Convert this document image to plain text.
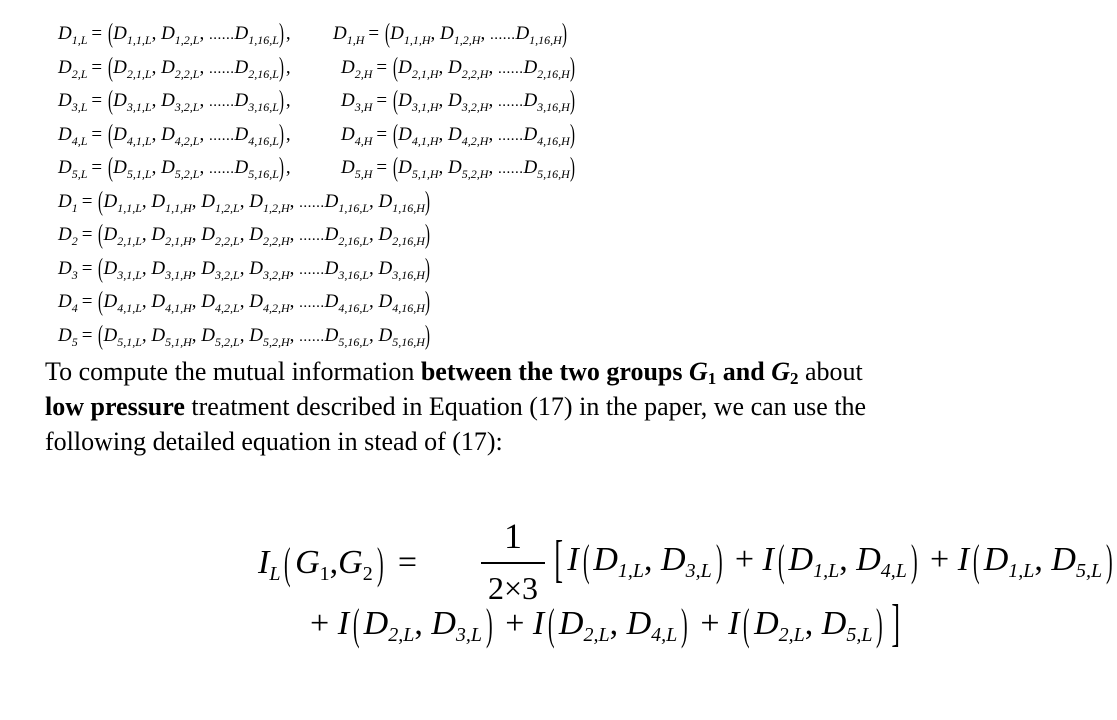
$D_{1,L} = (D_{1,1,L}$, $D_{1,2,L}$, $......D_{1,16,L}$) , $D_{1,H} = (D_{1,1,H}$, $D_{1,2,H}$, $......D_{1,16,H}$)
$D_{2,L} = (D_{2,1,L}$, $D_{2,2,L}$, $......D_{2,16,L}$) ,	$D_{2,H} = (D_{2,1,H}$, $D_{2,2,H}$, $......D_{2,16,H}$)
$D_{3,L} = (D_{3,1,L}$, $D_{3,2,L}$, $......D_{3,16,L}$) ,	$D_{3,H} = (D_{3,1,H}$, $D_{3,2,H}$, $......D_{3,16,H}$)
$D_{4,L} = (D_{4,1,L}$, $D_{4,2,L}$, $......D_{4,16,L}$) ,	$D_{4,H} = (D_{4,1,H}$, $D_{4,2,H}$, $......D_{4,16,H}$)
$D_{5,L} = (D_{5,1,L}$, $D_{5,2,L}$, $......D_{5,16,L}$) ,	$D_{5,H} = (D_{5,1,H}$, $D_{5,2,H}$, $......D_{5,16,H}$)
$D_1 = (D_{1,1,L}$, $D_{1,1,H}$, $D_{1,2,L}$, $D_{1,2,H}$, $......D_{1,16,L}$, $D_{1,16,H}$)
$D_2 = (D_{2,1,L}$, $D_{2,1,H}$, $D_{2,2,L}$, $D_{2,2,H}$, $......D_{2,16,L}$, $D_{2,16,H}$)
$D_3 = (D_{3,1,L}$, $D_{3,1,H}$, $D_{3,2,L}$, $D_{3,2,H}$, $......D_{3,16,L}$, $D_{3,16,H}$)
$D_4 = (D_{4,1,L}$, $D_{4,1,H}$, $D_{4,2,L}$, $D_{4,2,H}$, $......D_{4,16,L}$, $D_{4,16,H}$)
$D_5 = (D_{5,1,L}$, $D_{5,1,H}$, $D_{5,2,L}$, $D_{5,2,H}$, $......D_{5,16,L}$, $D_{5,16,H}$)

To compute the mutual information between the two groups $G_1$ and $G_2$ about low pressure treatment described in Equation (17) in the paper, we can use the following detailed equation in stead of (17):

$I_L$( $G_1,G_2$) =
1
2×3 [ I( $D_{1,L}$, $D_{3,L}) + I$( $D_{1,L}$, $D_{4,L}) + I$( $D_{1,L}$, $D_{5,L}$)
+ I( $D_{2,L}$, $D_{3,L}) + I$( $D_{2,L}$, $D_{4,L}) + I$( $D_{2,L}$, $D_{5,L}$) ]
